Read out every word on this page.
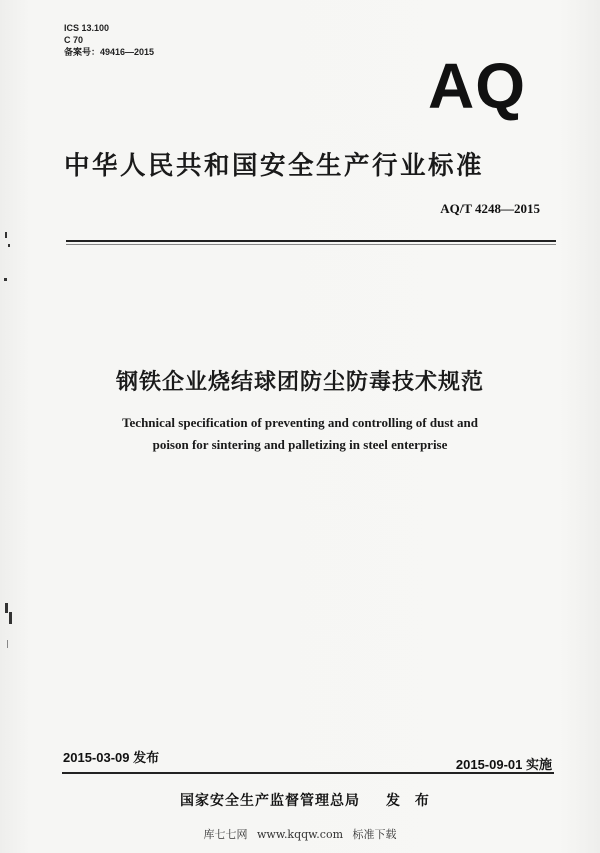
ICS 13.100
C 70
备案号：49416—2015	AQ
中华人民共和国安全生产行业标准
AQ/T 4248—2015
钢铁企业烧结球团防尘防毒技术规范
Technical specification of preventing and controlling of dust and
poison for sintering and palletizing in steel enterprise
2015-03-09 发布	2015-09-01 实施
国家安全生产监督管理总局 发 布
库七七网 www.kqqw.com 标准下载
